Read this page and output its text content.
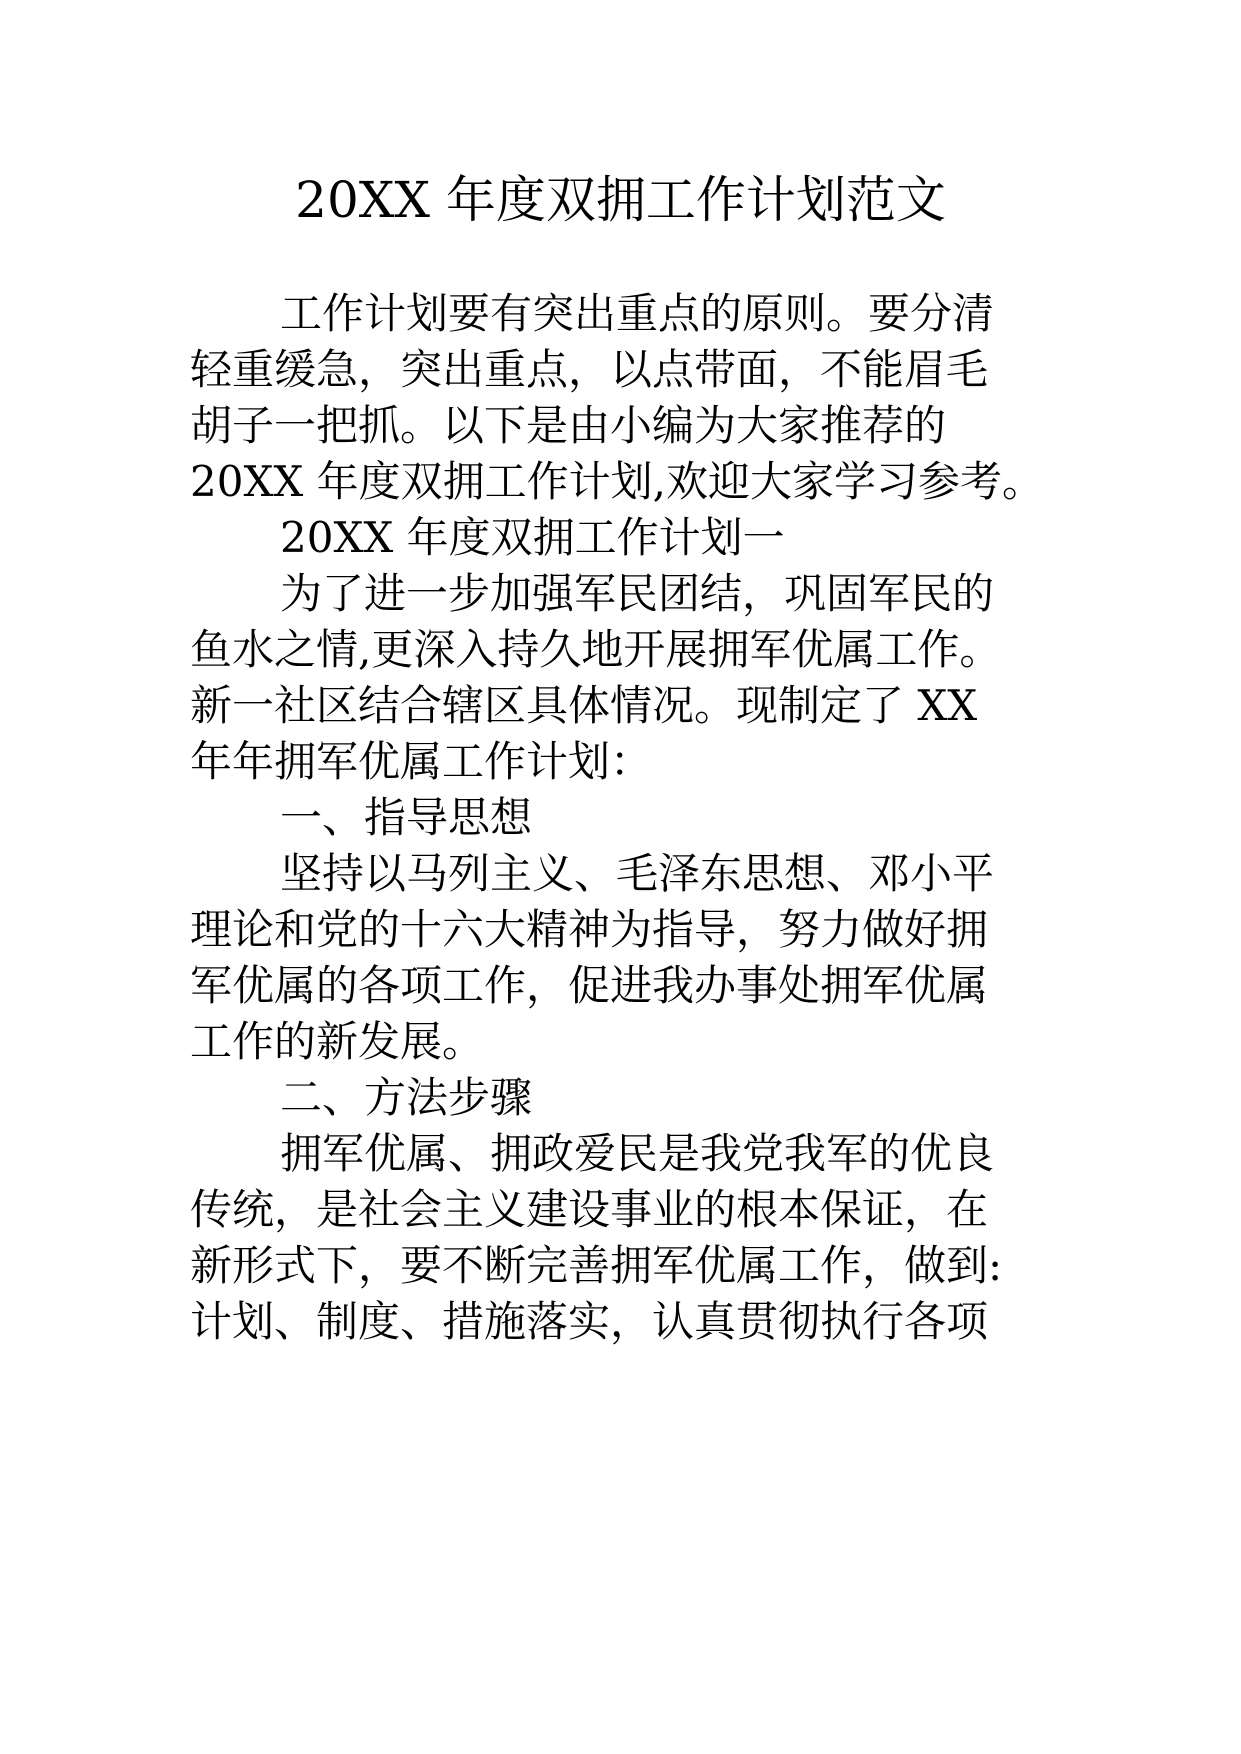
20XX 年度双拥工作计划范文
工作计划要有突出重点的原则。要分清
轻重缓急，突出重点，以点带面，不能眉毛
胡子一把抓。以下是由小编为大家推荐的
20XX 年度双拥工作计划,欢迎大家学习参考。
20XX 年度双拥工作计划一
为了进一步加强军民团结，巩固军民的
鱼水之情,更深入持久地开展拥军优属工作。
新一社区结合辖区具体情况。现制定了 XX
年年拥军优属工作计划：
一、指导思想
坚持以马列主义、毛泽东思想、邓小平
理论和党的十六大精神为指导，努力做好拥
军优属的各项工作，促进我办事处拥军优属
工作的新发展。
二、方法步骤
拥军优属、拥政爱民是我党我军的优良
传统，是社会主义建设事业的根本保证，在
新形式下，要不断完善拥军优属工作，做到:
计划、制度、措施落实，认真贯彻执行各项
